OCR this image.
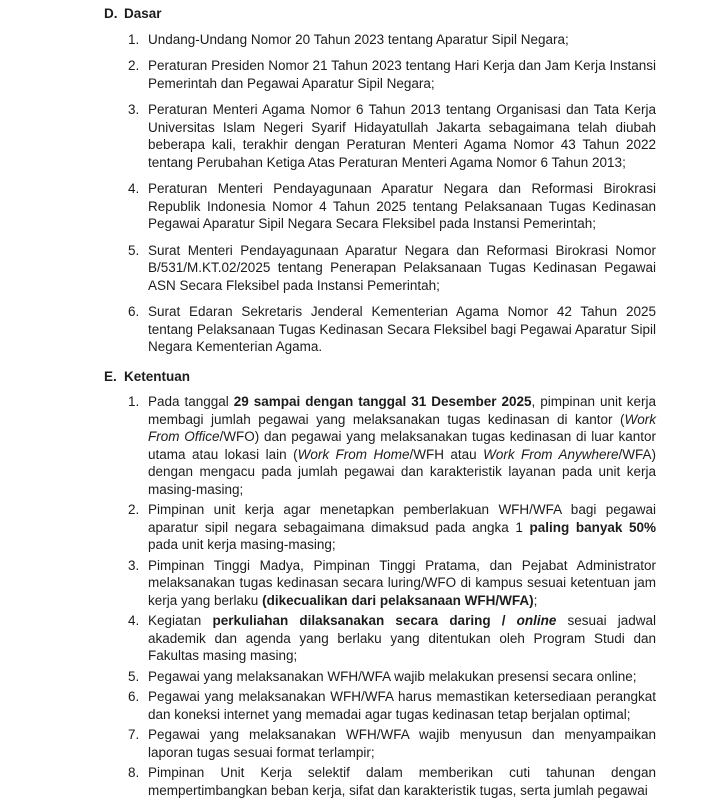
D. Dasar
1. Undang-Undang Nomor 20 Tahun 2023 tentang Aparatur Sipil Negara;
2. Peraturan Presiden Nomor 21 Tahun 2023 tentang Hari Kerja dan Jam Kerja Instansi Pemerintah dan Pegawai Aparatur Sipil Negara;
3. Peraturan Menteri Agama Nomor 6 Tahun 2013 tentang Organisasi dan Tata Kerja Universitas Islam Negeri Syarif Hidayatullah Jakarta sebagaimana telah diubah beberapa kali, terakhir dengan Peraturan Menteri Agama Nomor 43 Tahun 2022 tentang Perubahan Ketiga Atas Peraturan Menteri Agama Nomor 6 Tahun 2013;
4. Peraturan Menteri Pendayagunaan Aparatur Negara dan Reformasi Birokrasi Republik Indonesia Nomor 4 Tahun 2025 tentang Pelaksanaan Tugas Kedinasan Pegawai Aparatur Sipil Negara Secara Fleksibel pada Instansi Pemerintah;
5. Surat Menteri Pendayagunaan Aparatur Negara dan Reformasi Birokrasi Nomor B/531/M.KT.02/2025 tentang Penerapan Pelaksanaan Tugas Kedinasan Pegawai ASN Secara Fleksibel pada Instansi Pemerintah;
6. Surat Edaran Sekretaris Jenderal Kementerian Agama Nomor 42 Tahun 2025 tentang Pelaksanaan Tugas Kedinasan Secara Fleksibel bagi Pegawai Aparatur Sipil Negara Kementerian Agama.
E. Ketentuan
1. Pada tanggal 29 sampai dengan tanggal 31 Desember 2025, pimpinan unit kerja membagi jumlah pegawai yang melaksanakan tugas kedinasan di kantor (Work From Office/WFO) dan pegawai yang melaksanakan tugas kedinasan di luar kantor utama atau lokasi lain (Work From Home/WFH atau Work From Anywhere/WFA) dengan mengacu pada jumlah pegawai dan karakteristik layanan pada unit kerja masing-masing;
2. Pimpinan unit kerja agar menetapkan pemberlakuan WFH/WFA bagi pegawai aparatur sipil negara sebagaimana dimaksud pada angka 1 paling banyak 50% pada unit kerja masing-masing;
3. Pimpinan Tinggi Madya, Pimpinan Tinggi Pratama, dan Pejabat Administrator melaksanakan tugas kedinasan secara luring/WFO di kampus sesuai ketentuan jam kerja yang berlaku (dikecualikan dari pelaksanaan WFH/WFA);
4. Kegiatan perkuliahan dilaksanakan secara daring / online sesuai jadwal akademik dan agenda yang berlaku yang ditentukan oleh Program Studi dan Fakultas masing masing;
5. Pegawai yang melaksanakan WFH/WFA wajib melakukan presensi secara online;
6. Pegawai yang melaksanakan WFH/WFA harus memastikan ketersediaan perangkat dan koneksi internet yang memadai agar tugas kedinasan tetap berjalan optimal;
7. Pegawai yang melaksanakan WFH/WFA wajib menyusun dan menyampaikan laporan tugas sesuai format terlampir;
8. Pimpinan Unit Kerja selektif dalam memberikan cuti tahunan dengan mempertimbangkan beban kerja, sifat dan karakteristik tugas, serta jumlah pegawai
